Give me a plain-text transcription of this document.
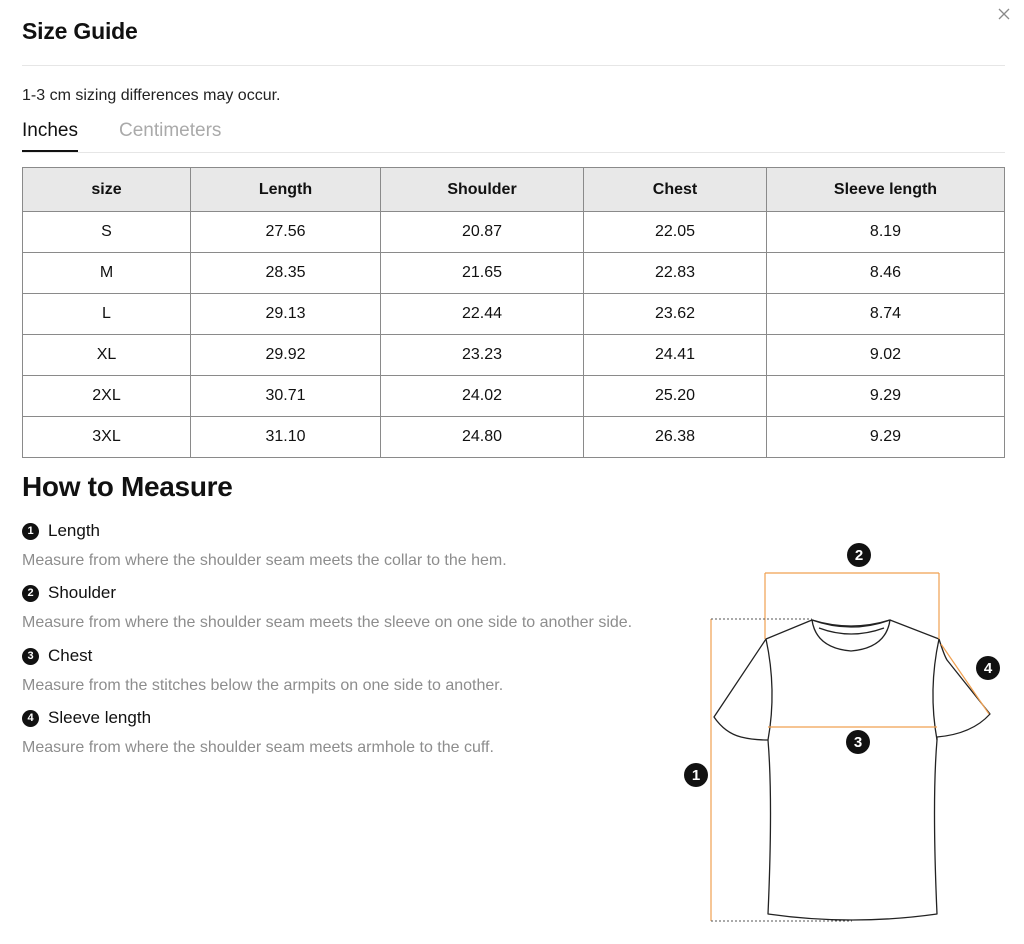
Size Guide
1-3 cm sizing differences may occur.
Inches Centimeters
size	Length	Shoulder	Chest	Sleeve length
S	27.56	20.87	22.05	8.19
M	28.35	21.65	22.83	8.46
L	29.13	22.44	23.62	8.74
XL	29.92	23.23	24.41	9.02
2XL	30.71	24.02	25.20	9.29
3XL	31.10	24.80	26.38	9.29
How to Measure
1 Length
Measure from where the shoulder seam meets the collar to the hem.
2 Shoulder
Measure from where the shoulder seam meets the sleeve on one side to another side.
3 Chest
Measure from the stitches below the armpits on one side to another.
4 Sleeve length
Measure from where the shoulder seam meets armhole to the cuff.
1
2
3
4
